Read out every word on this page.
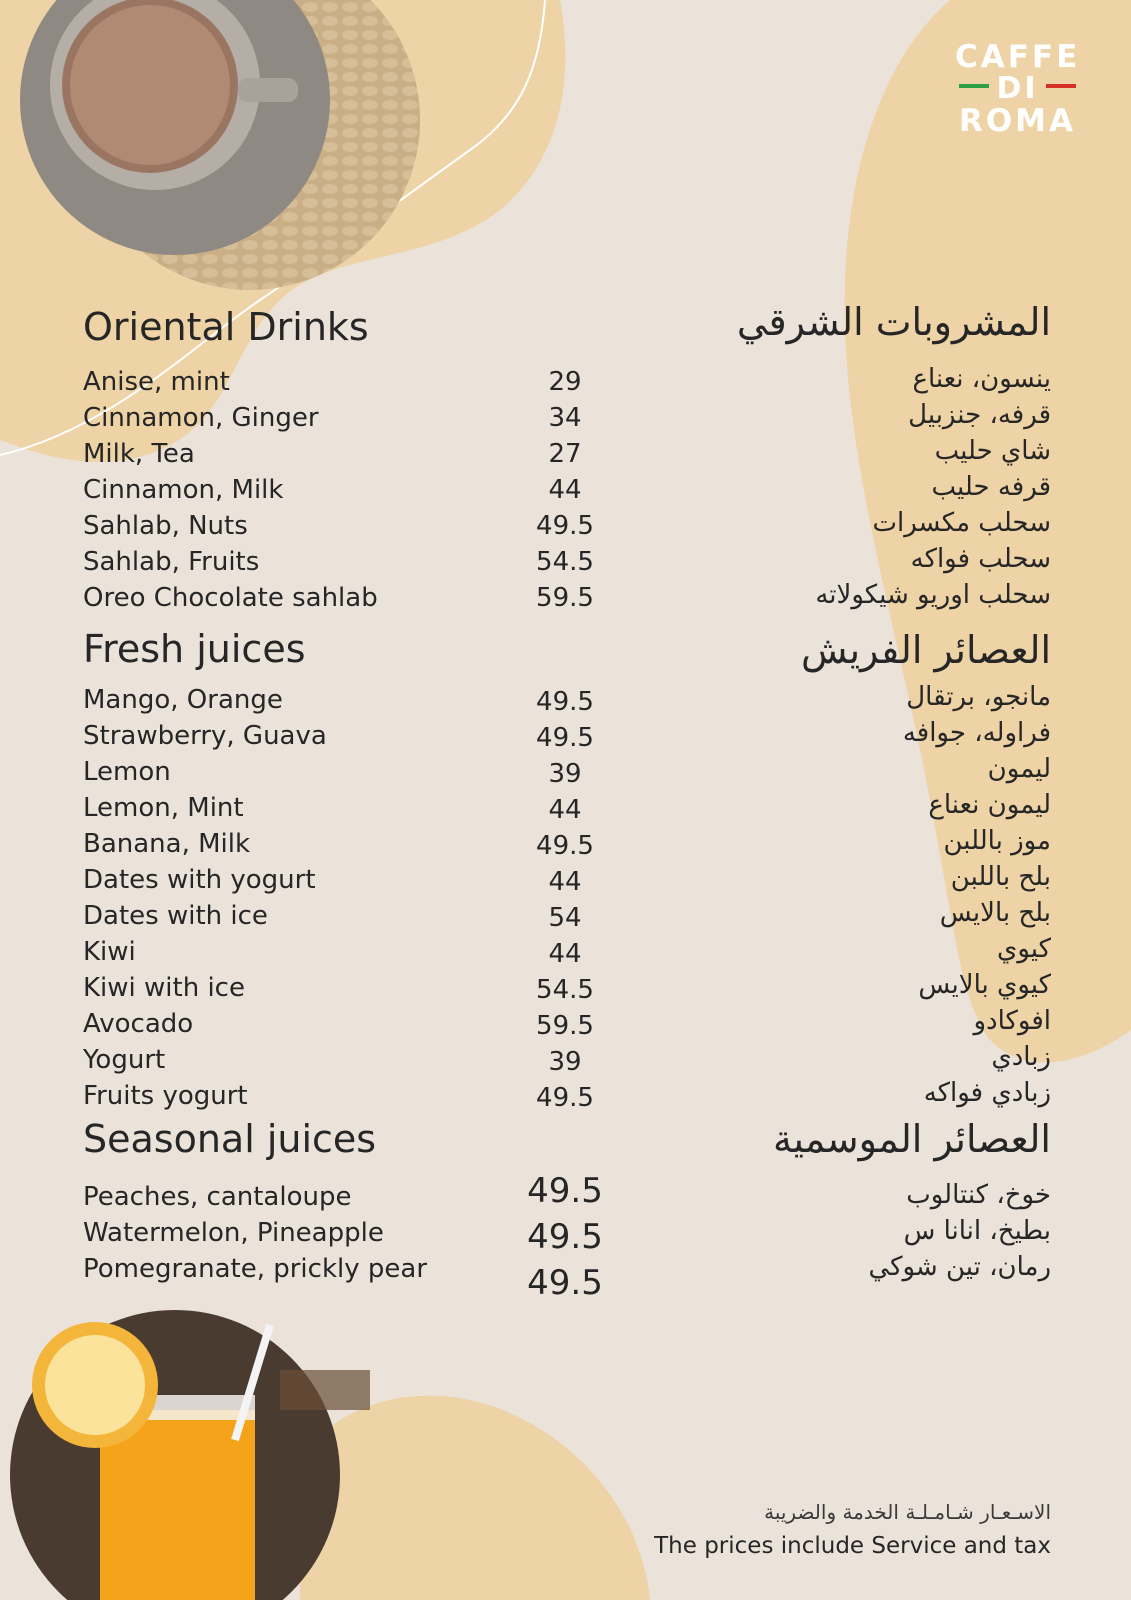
CAFFE
DI
ROMA
Oriental Drinks	المشروبات الشرقي
Anise, mint	29	ينسون، نعناع
Cinnamon, Ginger	34	قرفه، جنزبيل
Milk, Tea	27	شاي حليب
Cinnamon, Milk	44	قرفه حليب
Sahlab, Nuts	49.5	سحلب مكسرات
Sahlab, Fruits	54.5	سحلب فواكه
Oreo Chocolate sahlab	59.5	سحلب اوريو شيكولاته
Fresh juices	العصائر الفريش
Mango, Orange	49.5	مانجو، برتقال
Strawberry, Guava	49.5	فراوله، جوافه
Lemon	39	ليمون
Lemon, Mint	44	ليمون نعناع
Banana, Milk	49.5	موز باللبن
Dates with yogurt	44	بلح باللبن
Dates with ice	54	بلح بالايس
Kiwi	44	كيوي
Kiwi with ice	54.5	كيوي بالايس
Avocado	59.5	افوكادو
Yogurt	39	زبادي
Fruits yogurt	49.5	زبادي فواكه
Seasonal juices	العصائر الموسمية
Peaches, cantaloupe	49.5	خوخ، كنتالوب
Watermelon, Pineapple	49.5	بطيخ، انانا س
Pomegranate, prickly pear	49.5	رمان، تين شوكي
الاسـعـار شـامـلـة الخدمة والضريبة
The prices include Service and tax
